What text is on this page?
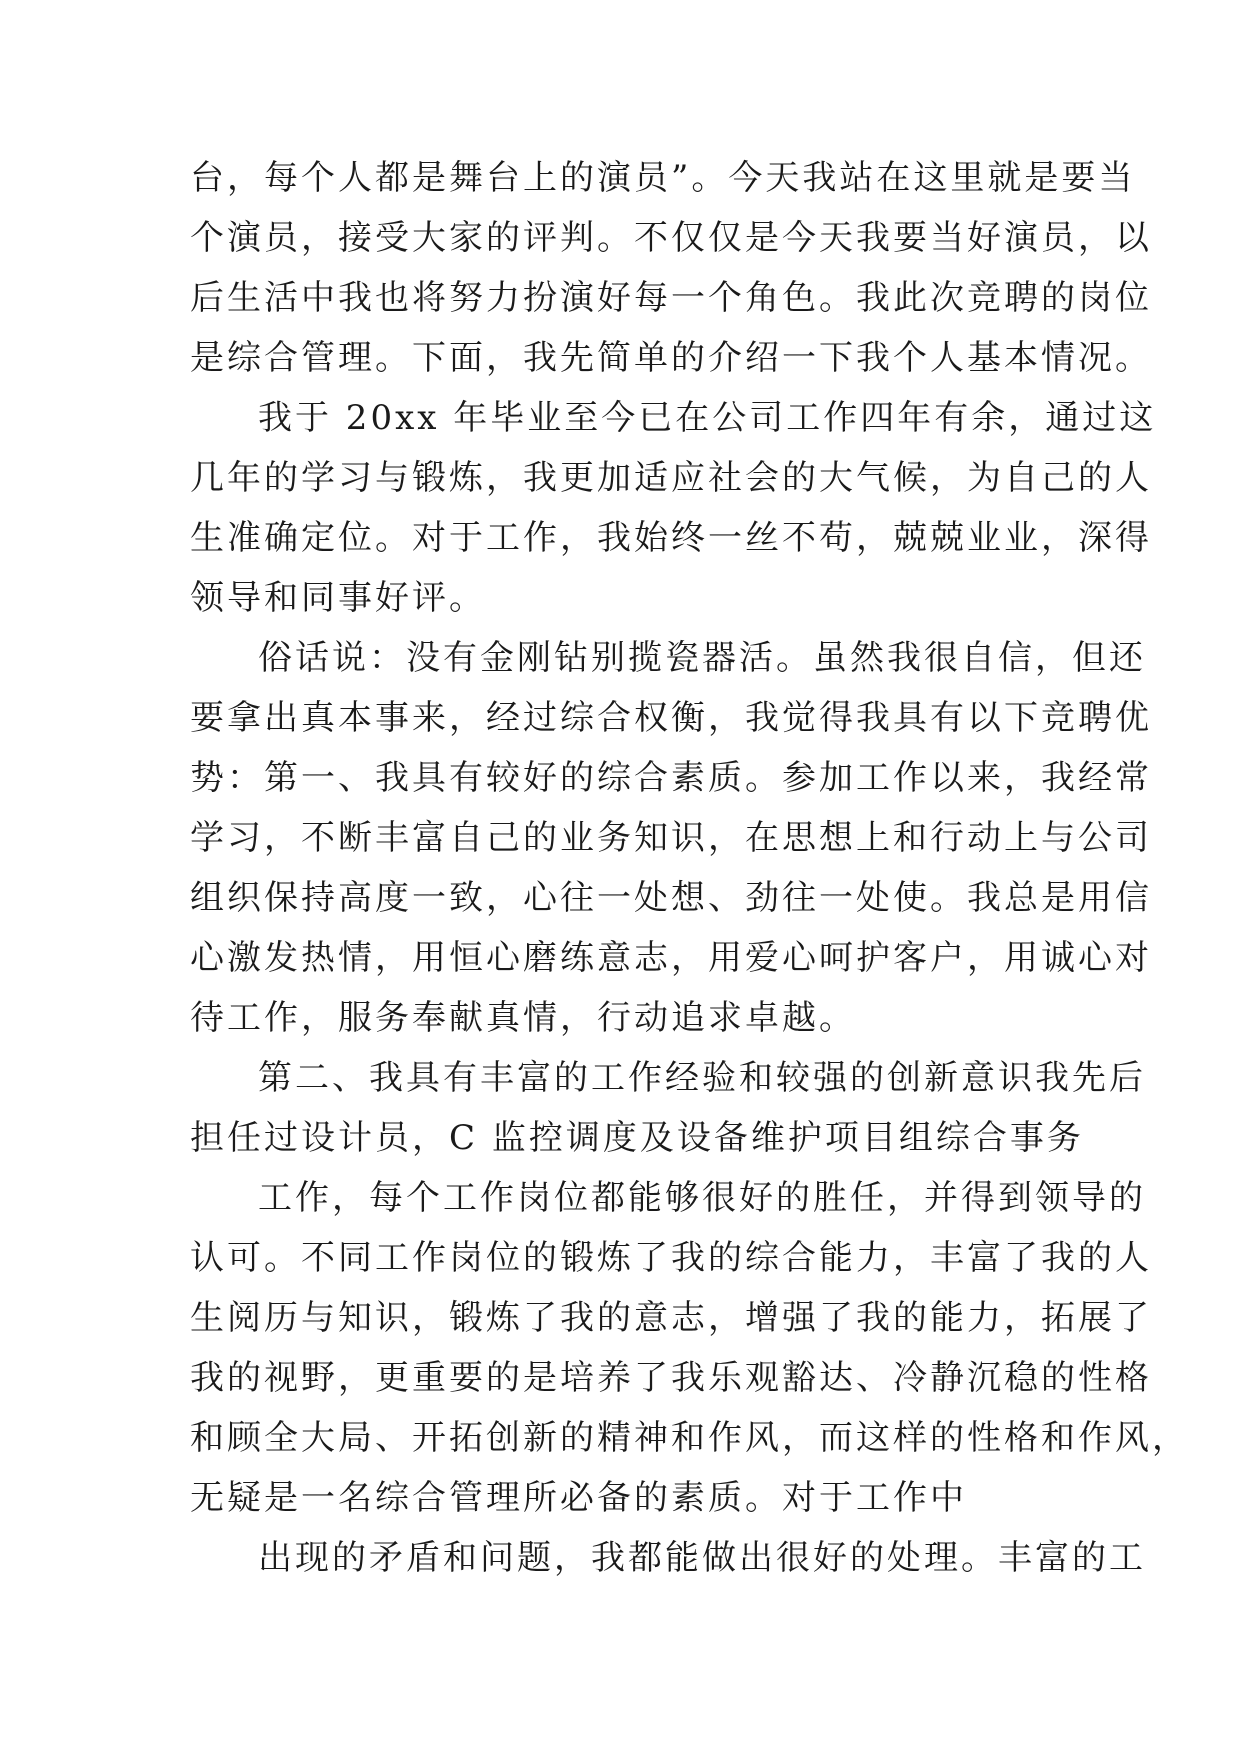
台，每个人都是舞台上的演员”。今天我站在这里就是要当
个演员，接受大家的评判。不仅仅是今天我要当好演员，以
后生活中我也将努力扮演好每一个角色。我此次竞聘的岗位
是综合管理。下面，我先简单的介绍一下我个人基本情况。
我于 20xx 年毕业至今已在公司工作四年有余，通过这
几年的学习与锻炼，我更加适应社会的大气候，为自己的人
生准确定位。对于工作，我始终一丝不苟，兢兢业业，深得
领导和同事好评。
俗话说：没有金刚钻别揽瓷器活。虽然我很自信，但还
要拿出真本事来，经过综合权衡，我觉得我具有以下竞聘优
势：第一、我具有较好的综合素质。参加工作以来，我经常
学习，不断丰富自己的业务知识，在思想上和行动上与公司
组织保持高度一致，心往一处想、劲往一处使。我总是用信
心激发热情，用恒心磨练意志，用爱心呵护客户，用诚心对
待工作，服务奉献真情，行动追求卓越。
第二、我具有丰富的工作经验和较强的创新意识我先后
担任过设计员，C 监控调度及设备维护项目组综合事务
工作，每个工作岗位都能够很好的胜任，并得到领导的
认可。不同工作岗位的锻炼了我的综合能力，丰富了我的人
生阅历与知识，锻炼了我的意志，增强了我的能力，拓展了
我的视野，更重要的是培养了我乐观豁达、冷静沉稳的性格
和顾全大局、开拓创新的精神和作风，而这样的性格和作风，
无疑是一名综合管理所必备的素质。对于工作中
出现的矛盾和问题，我都能做出很好的处理。丰富的工
